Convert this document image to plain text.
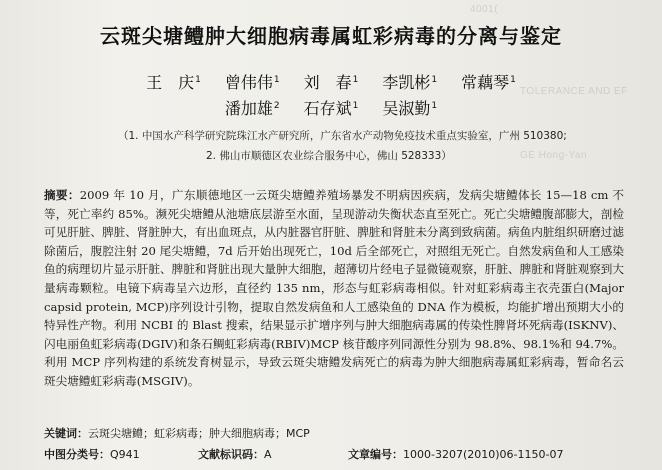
4001(
TOLERANCE AND EF
GE Hong-Yan
云斑尖塘鳢肿大细胞病毒属虹彩病毒的分离与鉴定
王　庆$^1$ 曾伟伟$^1$ 刘　春$^1$ 李凯彬$^1$ 常藕琴$^1$
潘加雄$^2$ 石存斌$^1$ 吴淑勤$^1$
（1. 中国水产科学研究院珠江水产研究所，广东省水产动物免疫技术重点实验室，广州 510380;
2. 佛山市顺德区农业综合服务中心，佛山 528333）
摘要：2009 年 10 月，广东顺德地区一云斑尖塘鳢养殖场暴发不明病因疾病，发病尖塘鳢体长 15—18 cm 不等，死亡率约 85%。濒死尖塘鳢从池塘底层游至水面，呈现游动失衡状态直至死亡。死亡尖塘鳢腹部膨大，剖检可见肝脏、脾脏、肾脏肿大，有出血斑点，从内脏器官肝脏、脾脏和肾脏未分离到致病菌。病鱼内脏组织研磨过滤除菌后，腹腔注射 20 尾尖塘鳢，7d 后开始出现死亡，10d 后全部死亡，对照组无死亡。自然发病鱼和人工感染鱼的病理切片显示肝脏、脾脏和肾脏出现大量肿大细胞，超薄切片经电子显微镜观察，肝脏、脾脏和肾脏观察到大量病毒颗粒。电镜下病毒呈六边形，直径约 135 nm，形态与虹彩病毒相似。针对虹彩病毒主衣壳蛋白(Major capsid protein, MCP)序列设计引物，提取自然发病鱼和人工感染鱼的 DNA 作为模板，均能扩增出预期大小的特异性产物。利用 NCBI 的 Blast 搜索，结果显示扩增序列与肿大细胞病毒属的传染性脾肾坏死病毒(ISKNV)、闪电丽鱼虹彩病毒(DGIV)和条石鲷虹彩病毒(RBIV)MCP 核苷酸序列同源性分别为 98.8%、98.1%和 94.7%。利用 MCP 序列构建的系统发育树显示，导致云斑尖塘鳢发病死亡的病毒为肿大细胞病毒属虹彩病毒，暂命名云斑尖塘鳢虹彩病毒(MSGIV)。
关键词：云斑尖塘鳢；虹彩病毒；肿大细胞病毒；MCP
中图分类号：Q941	文献标识码：A	文章编号：1000-3207(2010)06-1150-07
